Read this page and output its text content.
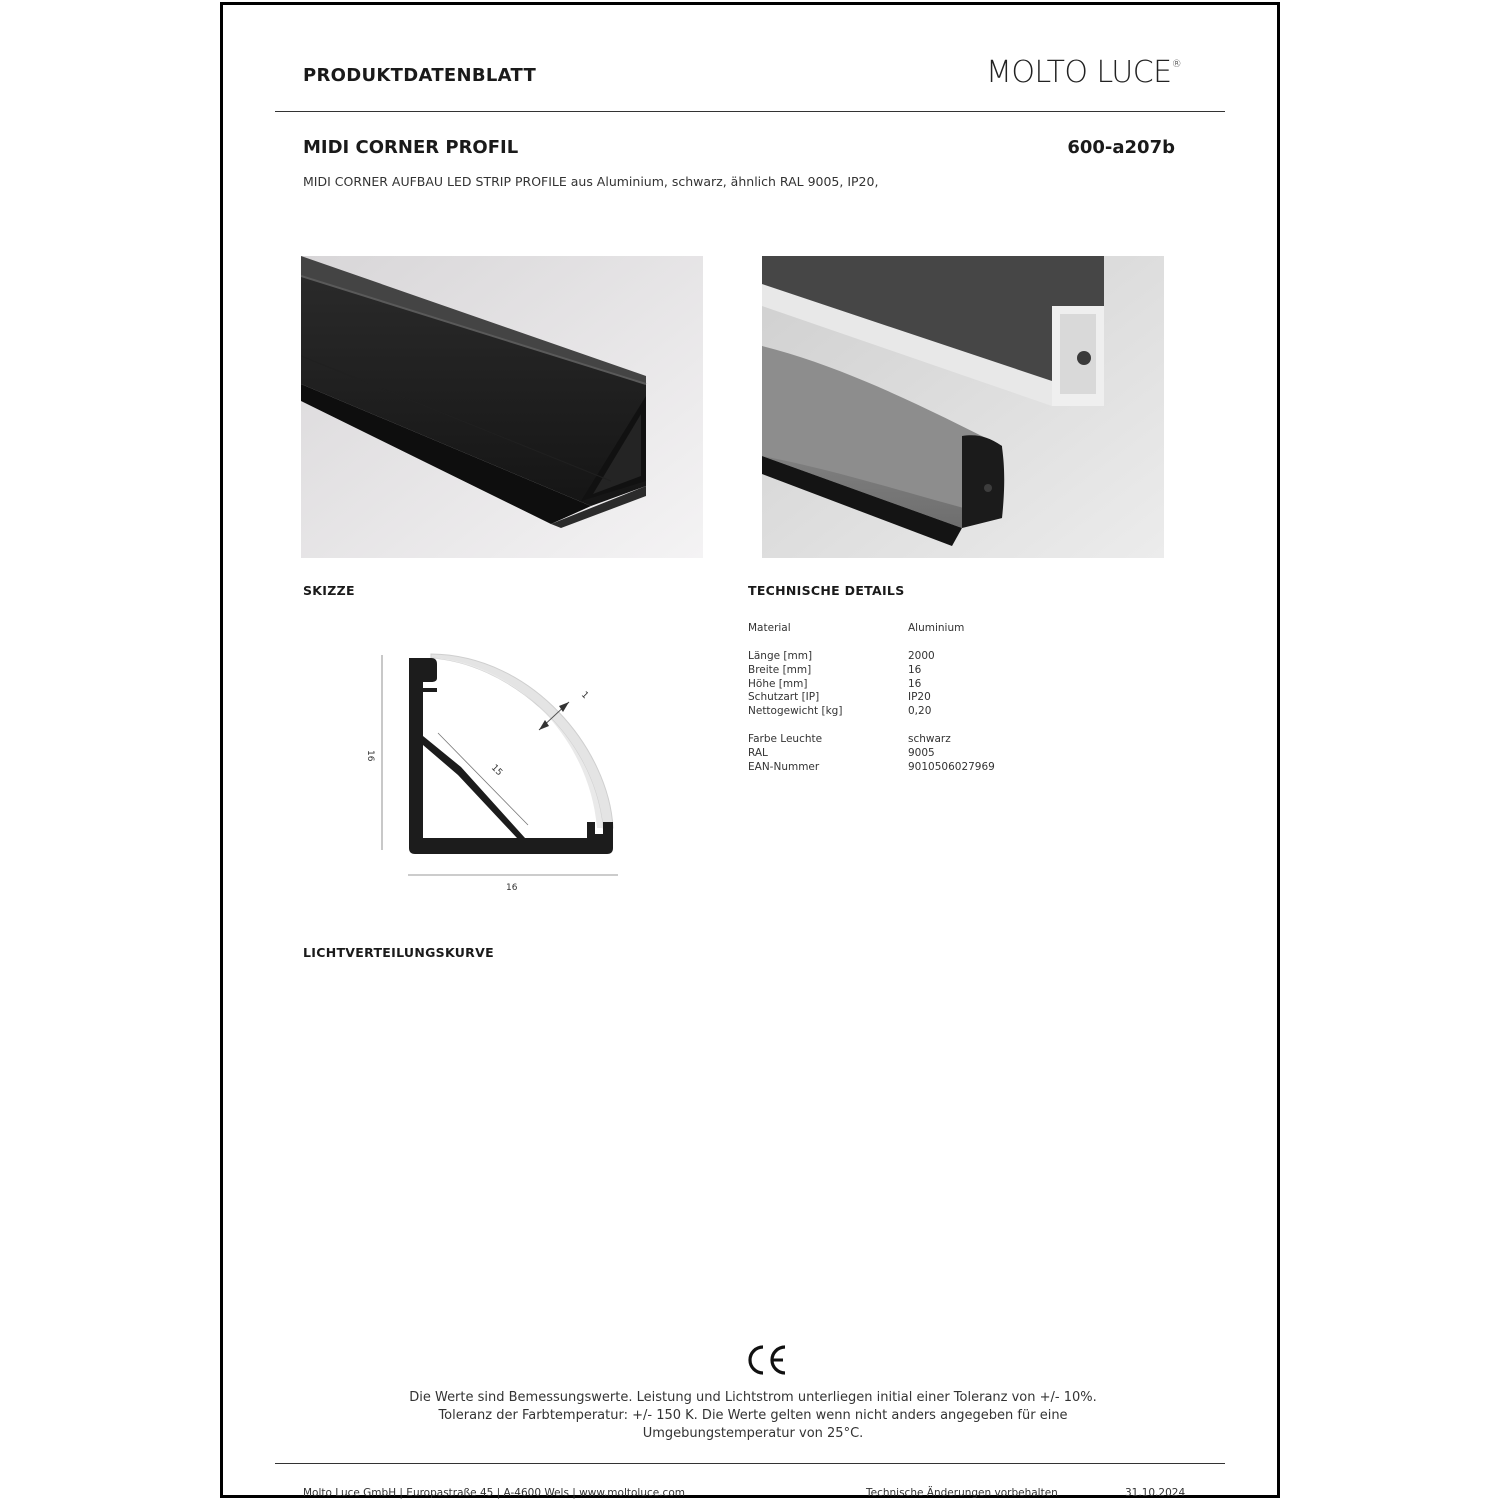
PRODUKTDATENBLATT	MOLTO LUCE®
MIDI CORNER PROFIL	600-a207b
MIDI CORNER AUFBAU LED STRIP PROFILE aus Aluminium, schwarz, ähnlich RAL 9005, IP20,
SKIZZE	TECHNISCHE DETAILS
16
16
15
1
Material	Aluminium
Länge [mm]	2000
Breite [mm]	16
Höhe [mm]	16
Schutzart [IP]	IP20
Nettogewicht [kg]	0,20
Farbe Leuchte	schwarz
RAL	9005
EAN-Nummer	9010506027969
LICHTVERTEILUNGSKURVE
Die Werte sind Bemessungswerte. Leistung und Lichtstrom unterliegen initial einer Toleranz von +/- 10%.
Toleranz der Farbtemperatur: +/- 150 K. Die Werte gelten wenn nicht anders angegeben für eine
Umgebungstemperatur von 25°C.
Molto Luce GmbH | Europastraße 45 | A-4600 Wels | www.moltoluce.com	Technische Änderungen vorbehalten	31.10.2024
